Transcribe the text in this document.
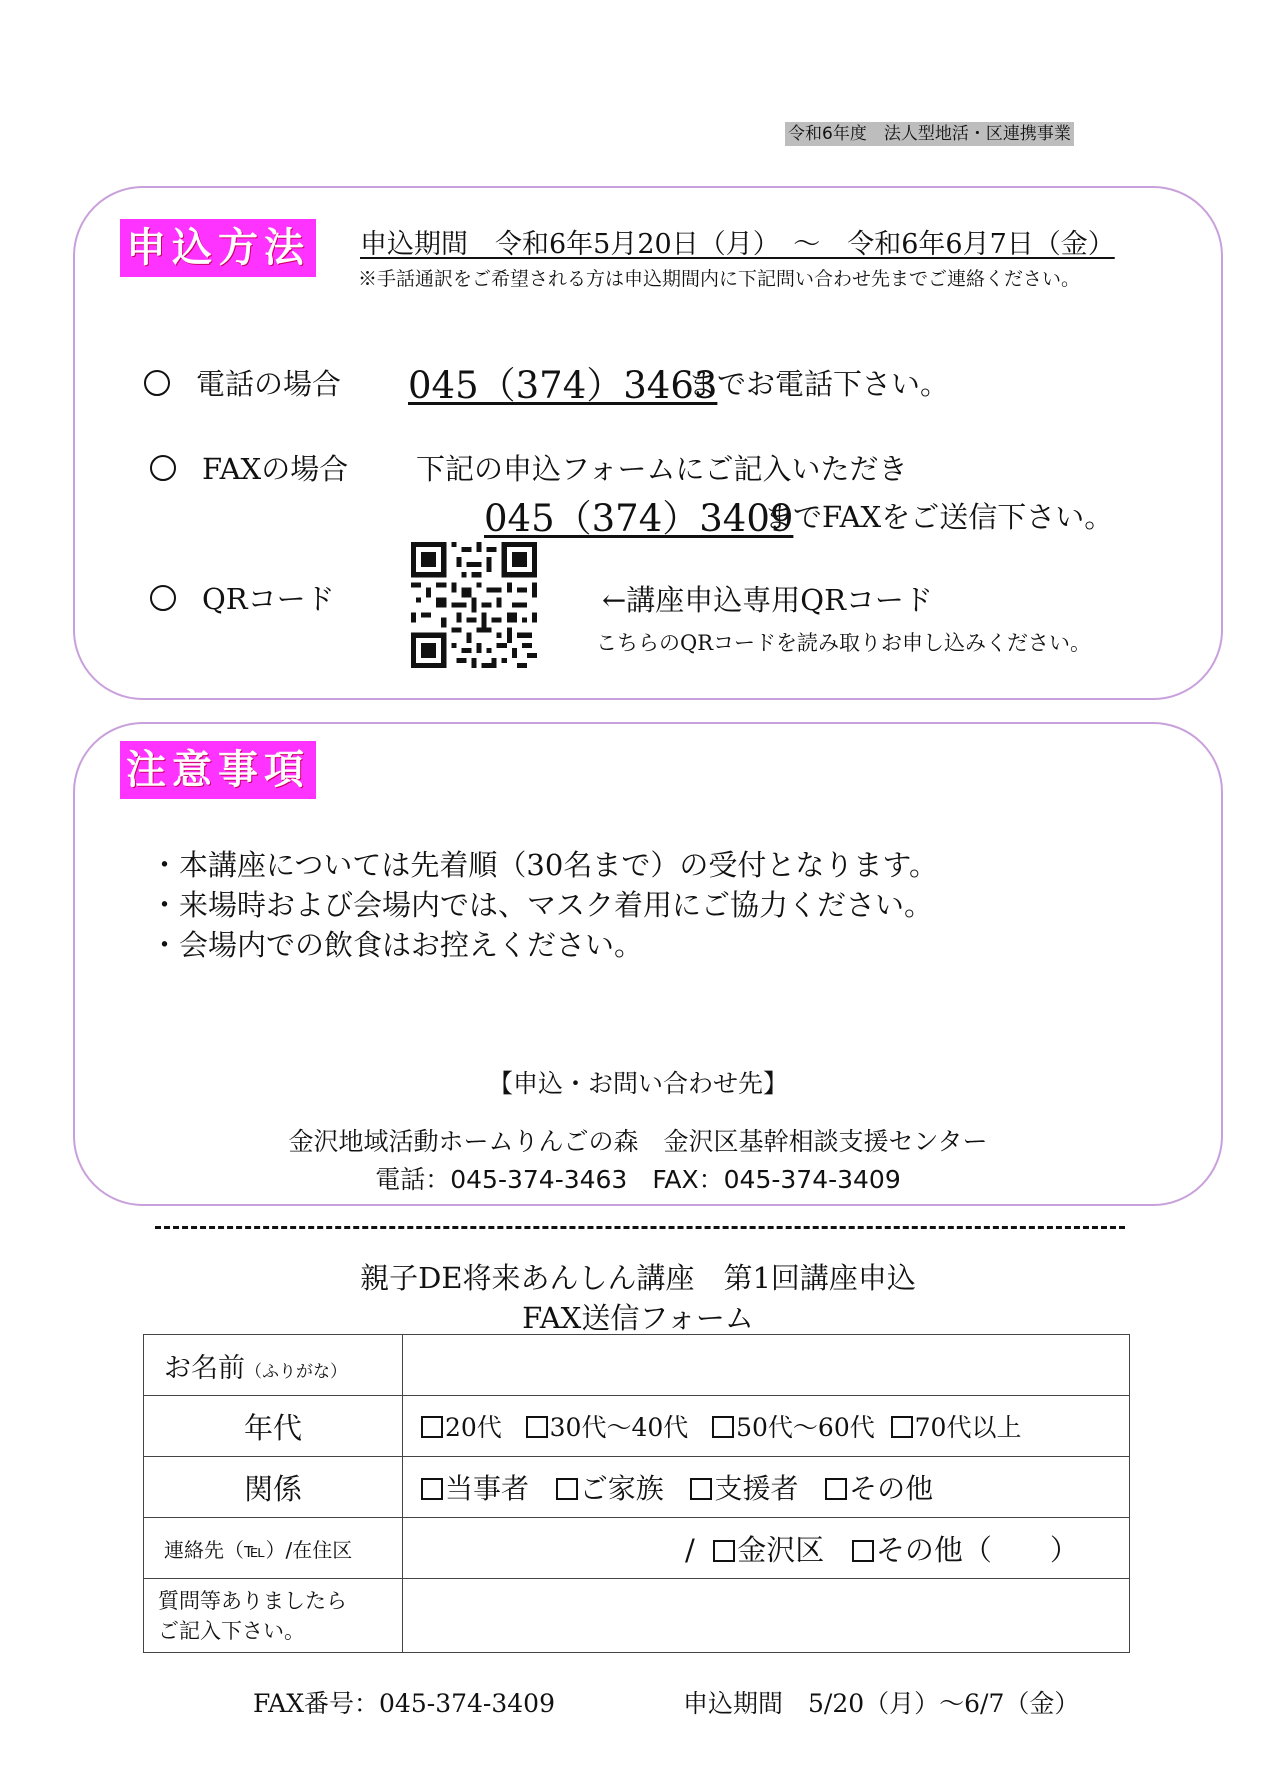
令和6年度　法人型地活・区連携事業
申込方法 申込期間　令和6年5月20日（月）　～　令和6年6月7日（金）
※手話通訳をご希望される方は申込期間内に下記問い合わせ先までご連絡ください。
電話の場合 045（374）3463
までお電話下さい。
FAXの場合 下記の申込フォームにご記入いただき
045（374）3409
までFAXをご送信下さい。
QRコード	←講座申込専用QRコード
こちらのQRコードを読み取りお申し込みください。
注意事項
・本講座については先着順（30名まで）の受付となります。
・来場時および会場内では、マスク着用にご協力ください。
・会場内での飲食はお控えください。
【申込・お問い合わせ先】
金沢地域活動ホームりんごの森　金沢区基幹相談支援センター
電話：045-374-3463　FAX：045-374-3409
親子DE将来あんしん講座　第1回講座申込
FAX送信フォーム
お名前（ふりがな）	
年代	20代 30代～40代 50代～60代 70代以上
関係	当事者 ご家族 支援者 その他
連絡先（℡）/在住区	/ 金沢区 その他（　　）

質問等ありましたら
ご記入下さい。	

FAX番号：045-374-3409	申込期間　5/20（月）～6/7（金）
